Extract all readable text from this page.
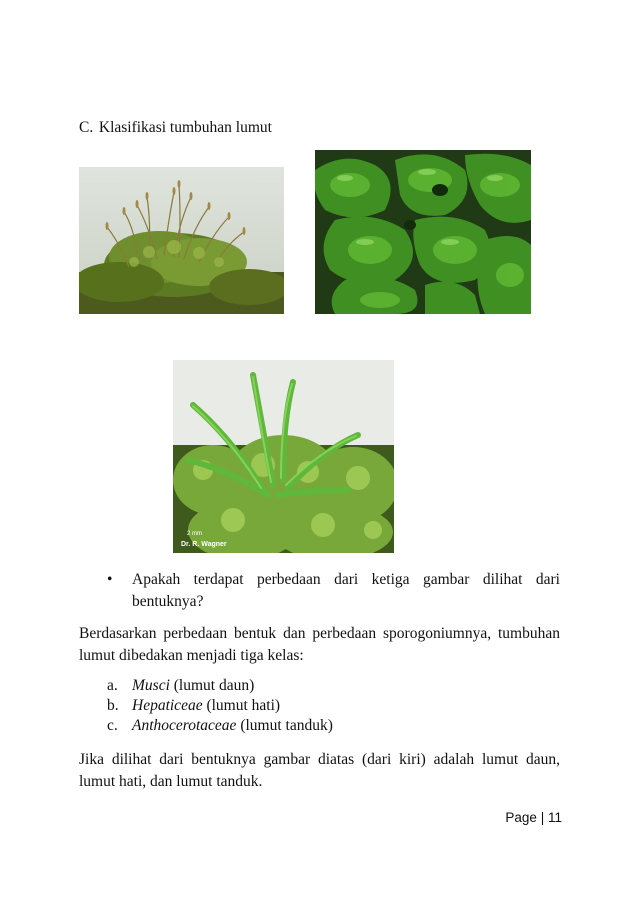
C. Klasifikasi tumbuhan lumut
2 mm
Dr. R. Wagner
• Apakah terdapat perbedaan dari ketiga gambar dilihat dari bentuknya?
Berdasarkan perbedaan bentuk dan perbedaan sporogoniumnya, tumbuhan lumut dibedakan menjadi tiga kelas:
a. Musci (lumut daun)
b. Hepaticeae (lumut hati)
c. Anthocerotaceae (lumut tanduk)
Jika dilihat dari bentuknya gambar diatas (dari kiri) adalah lumut daun, lumut hati, dan lumut tanduk.
Page | 11
